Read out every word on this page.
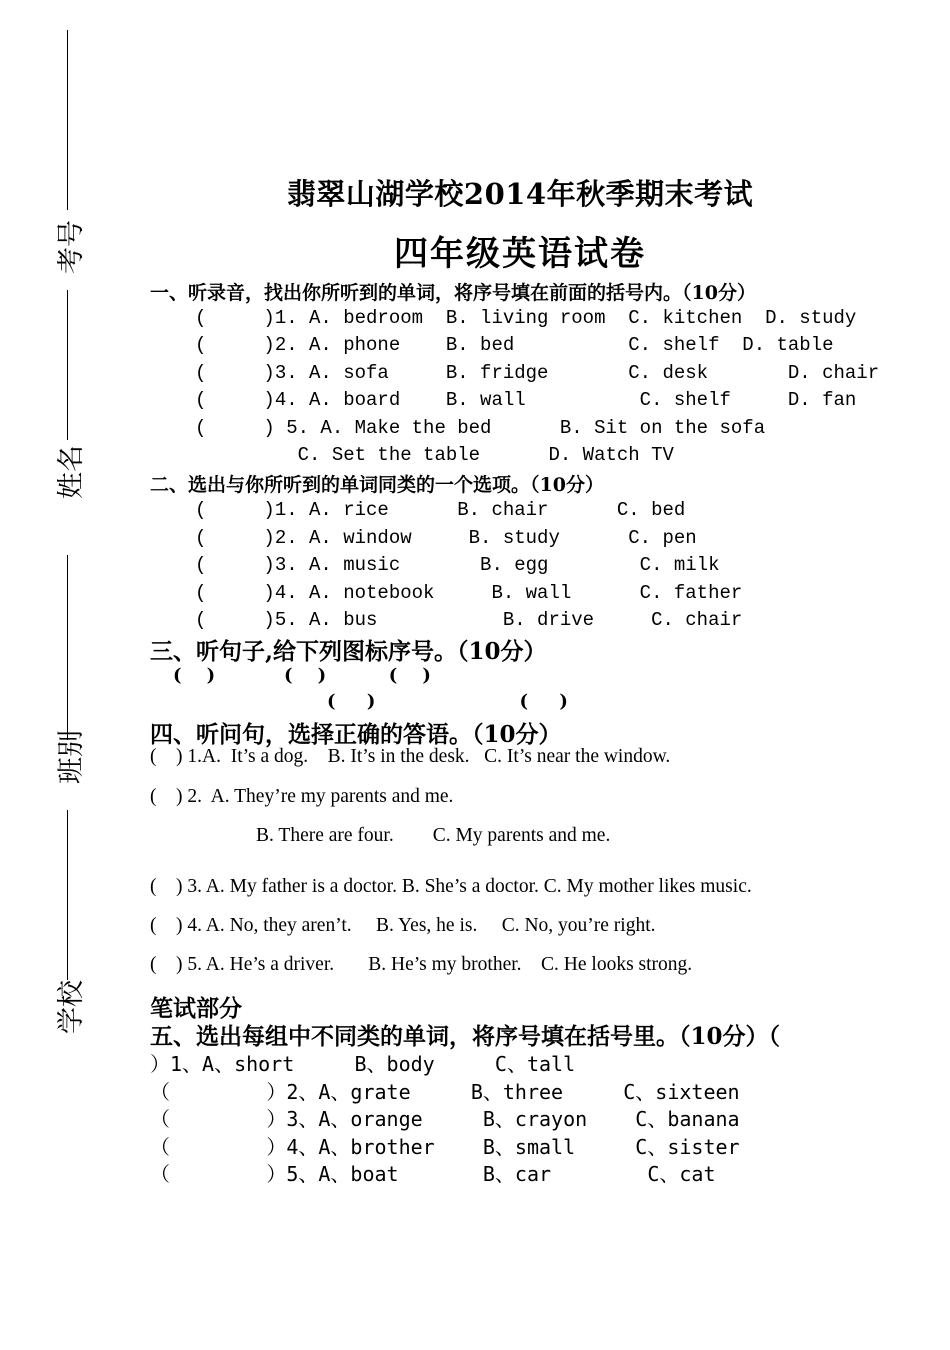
考号
姓名
班别
学校
翡翠山湖学校2014年秋季期末考试
四年级英语试卷
一、听录音，找出你所听到的单词，将序号填在前面的括号内。（10分）
(     )1. A. bedroom  B. living room  C. kitchen  D. study
(     )2. A. phone    B. bed          C. shelf  D. table
(     )3. A. sofa     B. fridge       C. desk       D. chair
(     )4. A. board    B. wall          C. shelf     D. fan
(     ) 5. A. Make the bed      B. Sit on the sofa
C. Set the table      D. Watch TV
二、选出与你所听到的单词同类的一个选项。（10分）
(     )1. A. rice      B. chair      C. bed
(     )2. A. window     B. study      C. pen
(     )3. A. music       B. egg        C. milk
(     )4. A. notebook     B. wall      C. father
(     )5. A. bus           B. drive     C. chair
三、听句子,给下列图标序号。（10分）
(    )           (    )          (    )
(     )                       (     )
四、听问句，选择正确的答语。（10分）
(    ) 1.A.  It’s a dog.    B. It’s in the desk.   C. It’s near the window.
(    ) 2.  A. They’re my parents and me.
B. There are four.        C. My parents and me.
(    ) 3. A. My father is a doctor. B. She’s a doctor. C. My mother likes music.
(    ) 4. A. No, they aren’t.     B. Yes, he is.     C. No, you’re right.
(    ) 5. A. He’s a driver.       B. He’s my brother.    C. He looks strong.
笔试部分
五、选出每组中不同类的单词，将序号填在括号里。（10分）（
）1、A、short     B、body     C、tall
（        ）2、A、grate     B、three     C、sixteen
（        ）3、A、orange     B、crayon    C、banana
（        ）4、A、brother    B、small     C、sister
（        ）5、A、boat       B、car        C、cat
